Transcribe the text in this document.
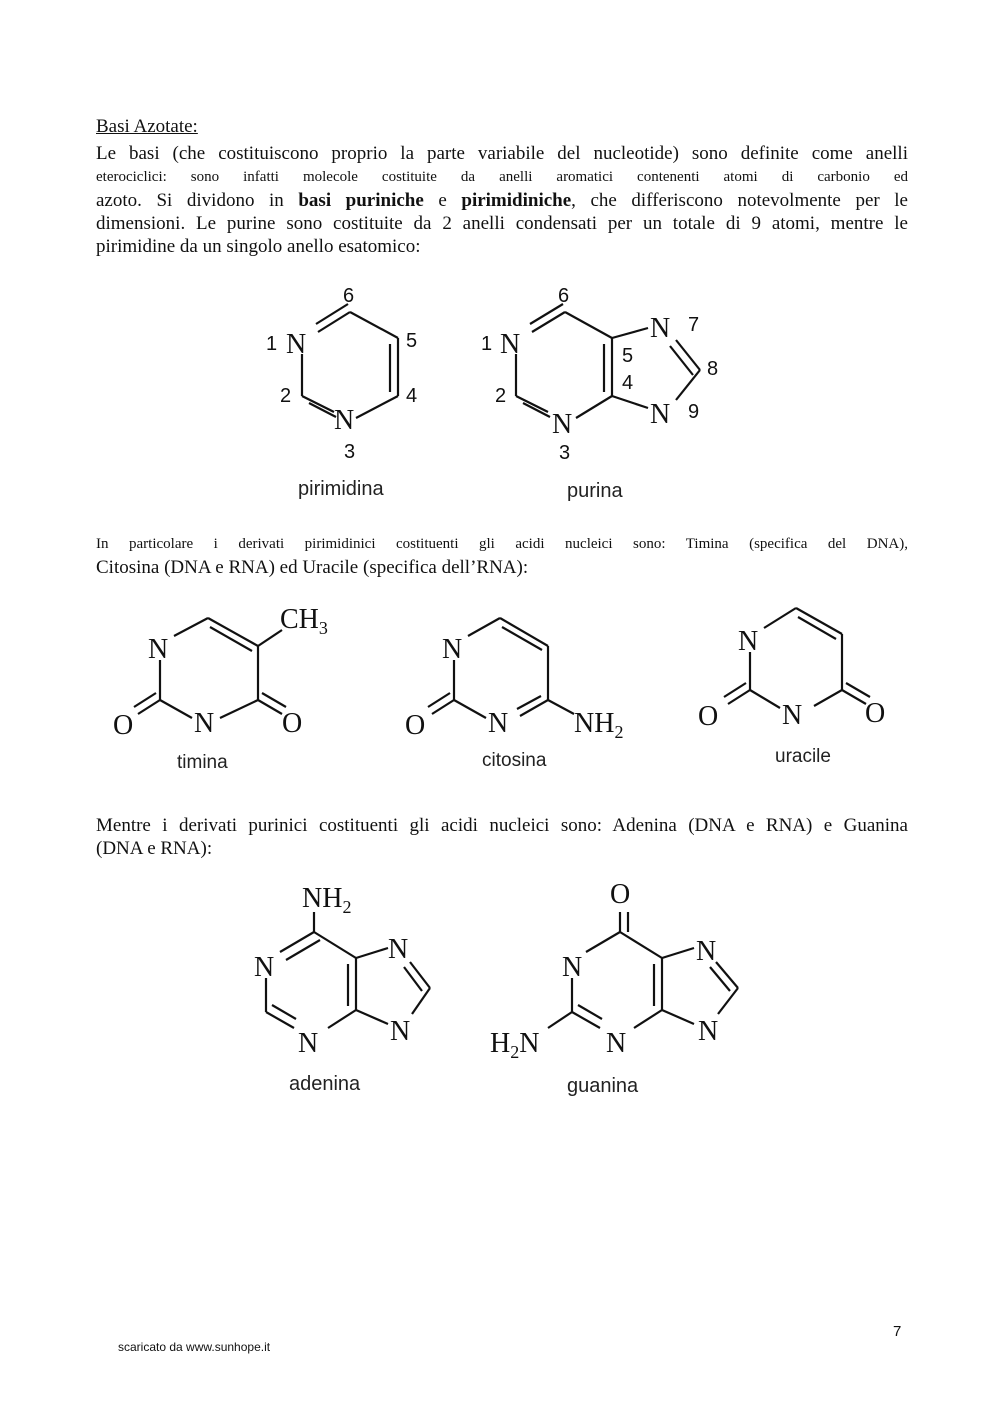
Basi Azotate:
Le basi (che costituiscono proprio la parte variabile del nucleotide) sono definite come anelli
eterociclici: sono infatti molecole costituite da anelli aromatici contenenti atomi di carbonio ed
azoto. Si dividono in basi puriniche e pirimidiniche, che differiscono notevolmente per le
dimensioni. Le purine sono costituite da 2 anelli condensati per un totale di 9 atomi, mentre le
pirimidine da un singolo anello esatomico:
N
N
1
2
3
4
5
6
pirimidina
N
N
N
N
1
2
3
4
5
6
7
8
9
purina
In particolare i derivati pirimidinici costituenti gli acidi nucleici sono: Timina (specifica del DNA),
Citosina (DNA e RNA) ed Uracile (specifica dell’RNA):
N
N
O	O
$CH_3$
timina
N
N
O	$NH_2$
citosina
N
N
O	O
uracile
Mentre i derivati purinici costituenti gli acidi nucleici sono: Adenina (DNA e RNA) e Guanina
(DNA e RNA):
$NH_2$
N
N
N
N
adenina
O
N
N
N
N
$H_2N$
guanina
scaricato da www.sunhope.it
7
